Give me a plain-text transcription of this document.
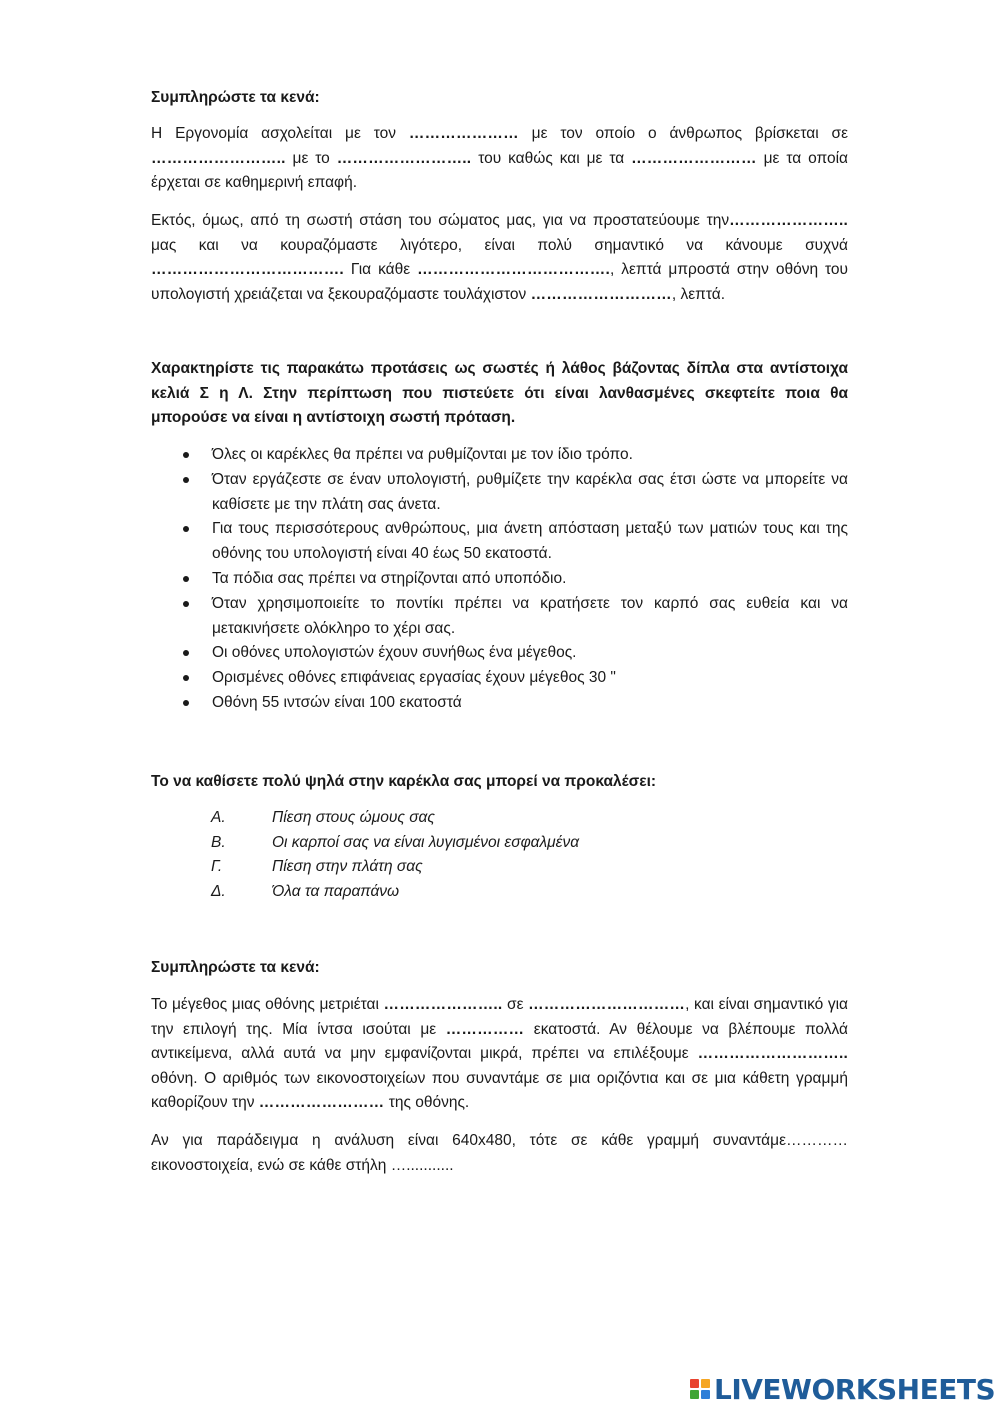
Συμπληρώστε τα κενά:
Η Εργονομία ασχολείται με τον ………………… με τον οποίο ο άνθρωπος βρίσκεται σε …………………….. με το …………………….. του καθώς και με τα …………………… με τα οποία έρχεται σε καθημερινή επαφή.
Εκτός, όμως, από τη σωστή στάση του σώματος μας, για να προστατεύουμε την………………….. μας και να κουραζόμαστε λιγότερο, είναι πολύ σημαντικό να κάνουμε συχνά ………………………………. Για κάθε ………………………………., λεπτά μπροστά στην οθόνη του υπολογιστή χρειάζεται να ξεκουραζόμαστε τουλάχιστον ………………………, λεπτά.
Χαρακτηρίστε τις παρακάτω προτάσεις ως σωστές ή λάθος βάζοντας δίπλα στα αντίστοιχα κελιά Σ η Λ. Στην περίπτωση που πιστεύετε ότι είναι λανθασμένες σκεφτείτε ποια θα μπορούσε να είναι η αντίστοιχη σωστή πρόταση.
Όλες οι καρέκλες θα πρέπει να ρυθμίζονται με τον ίδιο τρόπο.
Όταν εργάζεστε σε έναν υπολογιστή, ρυθμίζετε την καρέκλα σας έτσι ώστε να μπορείτε να καθίσετε με την πλάτη σας άνετα.
Για τους περισσότερους ανθρώπους, μια άνετη απόσταση μεταξύ των ματιών τους και της οθόνης του υπολογιστή είναι 40 έως 50 εκατοστά.
Τα πόδια σας πρέπει να στηρίζονται από υποπόδιο.
Όταν χρησιμοποιείτε το ποντίκι πρέπει να κρατήσετε τον καρπό σας ευθεία και να μετακινήσετε ολόκληρο το χέρι σας.
Οι οθόνες υπολογιστών έχουν συνήθως ένα μέγεθος.
Ορισμένες οθόνες επιφάνειας εργασίας έχουν μέγεθος 30 "
Οθόνη 55 ιντσών είναι 100 εκατοστά
Το να καθίσετε πολύ ψηλά στην καρέκλα σας μπορεί να προκαλέσει:
Α.	Πίεση στους ώμους σας
Β.	Οι καρποί σας να είναι λυγισμένοι εσφαλμένα
Γ.	Πίεση στην πλάτη σας
Δ.	Όλα τα παραπάνω
Συμπληρώστε τα κενά:
Το μέγεθος μιας οθόνης μετριέται ………………….. σε …………………………, και είναι σημαντικό για την επιλογή της. Μία ίντσα ισούται με …………… εκατοστά. Αν θέλουμε να βλέπουμε πολλά αντικείμενα, αλλά αυτά να μην εμφανίζονται μικρά, πρέπει να επιλέξουμε ……………………….. οθόνη. Ο αριθμός των εικονοστοιχείων που συναντάμε σε μια οριζόντια και σε μια κάθετη γραμμή καθορίζουν την …………………… της οθόνης.
Αν για παράδειγμα η ανάλυση είναι 640x480, τότε σε κάθε γραμμή συναντάμε………… εικονοστοιχεία, ενώ σε κάθε στήλη …...........
LIVEWORKSHEETS
